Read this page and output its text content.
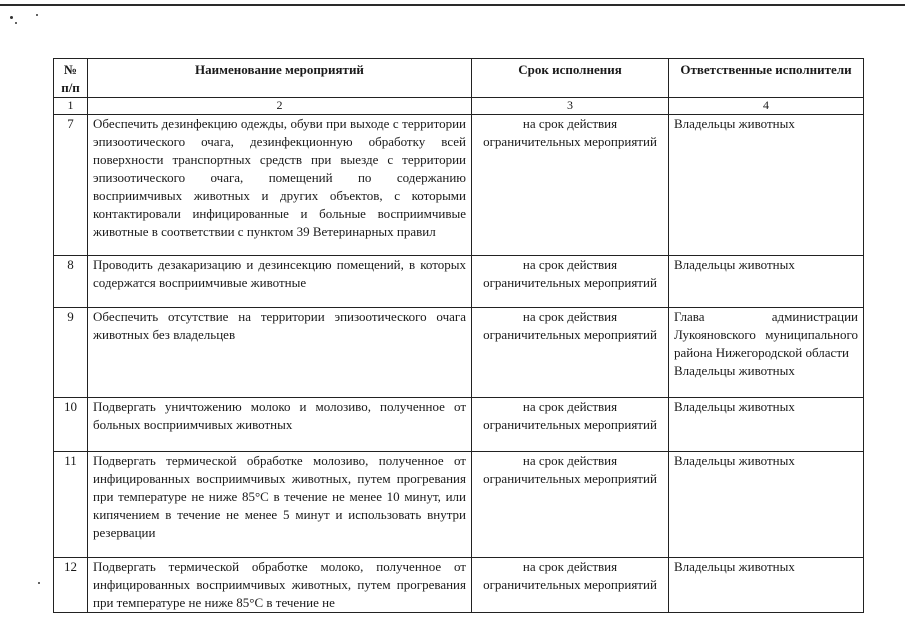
№ п/п	Наименование мероприятий	Срок исполнения	Ответственные исполнители
1	2	3	4
7	Обеспечить дезинфекцию одежды, обуви при выходе с территории эпизоотического очага, дезинфекционную обработку всей поверхности транспортных средств при выезде с территории эпизоотического очага, помещений по содержанию восприимчивых животных и других объектов, с которыми контактировали инфицированные и больные восприимчивые животные в соответствии с пунктом 39 Ветеринарных правил	на срок действия ограничительных мероприятий	Владельцы животных

8	Проводить дезакаризацию и дезинсекцию помещений, в которых содержатся восприимчивые животные	на срок действия ограничительных мероприятий	Владельцы животных

9	Обеспечить отсутствие на территории эпизоотического очага животных без владельцев	на срок действия ограничительных мероприятий	Глава администрации Лукояновского муниципального района Нижегородской области
Владельцы животных

10	Подвергать уничтожению молоко и молозиво, полученное от больных восприимчивых животных	на срок действия ограничительных мероприятий	Владельцы животных

11	Подвергать термической обработке молозиво, полученное от инфицированных восприимчивых животных, путем прогревания при температуре не ниже 85°C в течение не менее 10 минут, или кипячением в течение не менее 5 минут и использовать внутри резервации	на срок действия ограничительных мероприятий	Владельцы животных

12	Подвергать термической обработке молоко, полученное от инфицированных восприимчивых животных, путем прогревания при температуре не ниже 85°C в течение не	на срок действия ограничительных мероприятий	Владельцы животных
